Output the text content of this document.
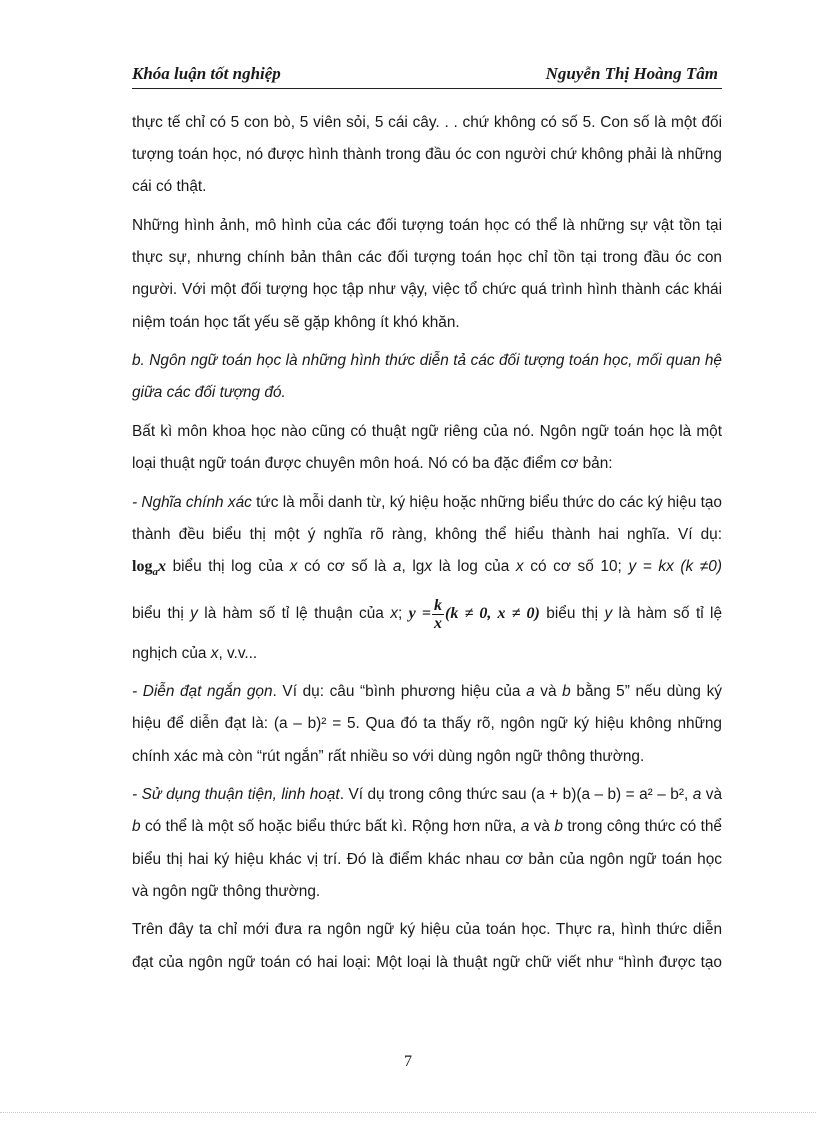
Khóa luận tốt nghiệp	Nguyễn Thị Hoàng Tâm

thực tế chỉ có 5 con bò, 5 viên sỏi, 5 cái cây. . . chứ không có số 5. Con số là một đối tượng toán học, nó được hình thành trong đầu óc con người chứ không phải là những cái có thật.

Những hình ảnh, mô hình của các đối tượng toán học có thể là những sự vật tồn tại thực sự, nhưng chính bản thân các đối tượng toán học chỉ tồn tại trong đầu óc con người. Với một đối tượng học tập như vậy, việc tổ chức quá trình hình thành các khái niệm toán học tất yếu sẽ gặp không ít khó khăn.

b. Ngôn ngữ toán học là những hình thức diễn tả các đối tượng toán học, mối quan hệ giữa các đối tượng đó.

Bất kì môn khoa học nào cũng có thuật ngữ riêng của nó. Ngôn ngữ toán học là một loại thuật ngữ toán được chuyên môn hoá. Nó có ba đặc điểm cơ bản:

- Nghĩa chính xác tức là mỗi danh từ, ký hiệu hoặc những biểu thức do các ký hiệu tạo thành đều biểu thị một ý nghĩa rõ ràng, không thể hiểu thành hai nghĩa. Ví dụ:

$\log_ax$ biểu thị log của x có cơ số là a, lgx là log của x có cơ số 10; y = kx (k ≠0)

biểu thị y là hàm số tỉ lệ thuận của x; $y = \frac{k}{x} (k \ne 0$, x ≠ 0) biểu thị y là hàm số tỉ lệ

nghịch của x, v.v...

- Diễn đạt ngắn gọn. Ví dụ: câu “bình phương hiệu của a và b bằng 5” nếu dùng ký hiệu để diễn đạt là: (a – b)² = 5. Qua đó ta thấy rõ, ngôn ngữ ký hiệu không những chính xác mà còn “rút ngắn” rất nhiều so với dùng ngôn ngữ thông thường.

- Sử dụng thuận tiện, linh hoạt. Ví dụ trong công thức sau (a + b)(a – b) = a² – b², a và b có thể là một số hoặc biểu thức bất kì. Rộng hơn nữa, a và b trong công thức có thể biểu thị hai ký hiệu khác vị trí. Đó là điểm khác nhau cơ bản của ngôn ngữ toán học và ngôn ngữ thông thường.

Trên đây ta chỉ mới đưa ra ngôn ngữ ký hiệu của toán học. Thực ra, hình thức diễn đạt của ngôn ngữ toán có hai loại: Một loại là thuật ngữ chữ viết như “hình được tạo

7
